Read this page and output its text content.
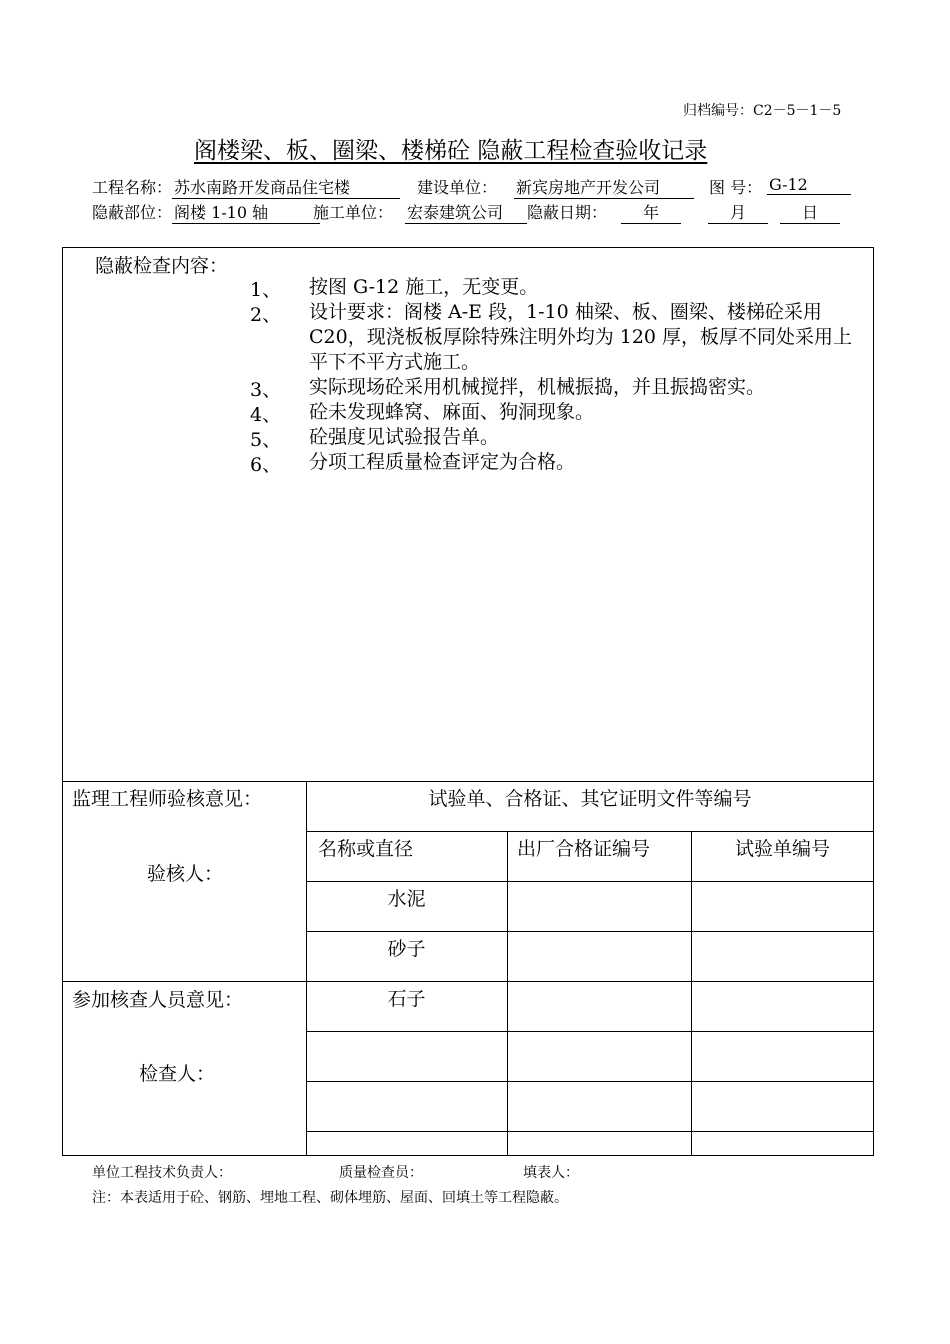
归档编号：C2－5－1－5
阁楼梁、板、圈梁、楼梯砼 隐蔽工程检查验收记录
工程名称： 苏水南路开发商品住宅楼	建设单位： 新宾房地产开发公司	图 号： G-12
隐蔽部位： 阁楼 1-10 轴	施工单位： 宏泰建筑公司	隐蔽日期：	年	月	日
隐蔽检查内容：
1、 按图 G-12 施工，无变更。
2、 设计要求：阁楼 A-E 段，1-10 柚梁、板、圈梁、楼梯砼采用 C20，现浇板板厚除特殊注明外均为 120 厚，板厚不同处采用上平下不平方式施工。
3、 实际现场砼采用机械搅拌，机械振捣，并且振捣密实。
4、 砼未发现蜂窝、麻面、狗洞现象。
5、 砼强度见试验报告单。
6、 分项工程质量检查评定为合格。
监理工程师验核意见：
验核人：
参加核查人员意见：
检查人：
试验单、合格证、其它证明文件等编号
名称或直径	出厂合格证编号	试验单编号
水泥
砂子
石子
单位工程技术负责人：	质量检查员：	填表人：
注：本表适用于砼、钢筋、埋地工程、砌体埋筋、屋面、回填土等工程隐蔽。
